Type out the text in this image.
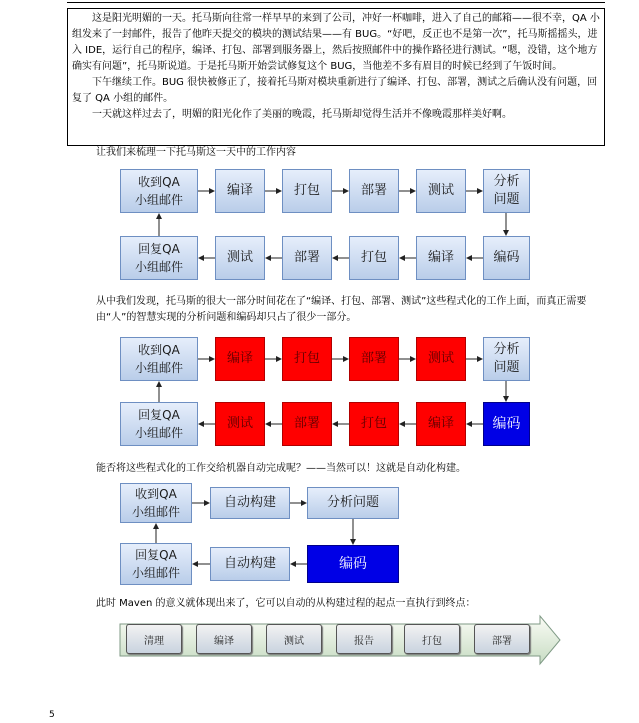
这是阳光明媚的一天。托马斯向往常一样早早的来到了公司，冲好一杯咖啡，进入了自己的邮箱——很不幸，QA 小组发来了一封邮件，报告了他昨天提交的模块的测试结果——有 BUG。“好吧，反正也不是第一次”，托马斯摇摇头，进入 IDE，运行自己的程序，编译、打包、部署到服务器上，然后按照邮件中的操作路径进行测试。“嗯，没错，这个地方确实有问题”，托马斯说道。于是托马斯开始尝试修复这个 BUG，当他差不多有眉目的时候已经到了午饭时间。

下午继续工作。BUG 很快被修正了，接着托马斯对模块重新进行了编译、打包、部署，测试之后确认没有问题，回复了 QA 小组的邮件。

一天就这样过去了，明媚的阳光化作了美丽的晚霞，托马斯却觉得生活并不像晚霞那样美好啊。

让我们来梳理一下托马斯这一天中的工作内容
收到QA
小组邮件
编译	打包	部署	测试
分析
问题
回复QA
小组邮件
测试	部署	打包	编译	编码
从中我们发现，托马斯的很大一部分时间花在了“编译、打包、部署、测试”这些程式化的工作上面，而真正需要由“人”的智慧实现的分析问题和编码却只占了很少一部分。
收到QA
小组邮件
编译	打包	部署	测试
分析
问题
回复QA
小组邮件
测试	部署	打包	编译	编码
能否将这些程式化的工作交给机器自动完成呢？——当然可以！这就是自动化构建。
收到QA
小组邮件
自动构建	分析问题
回复QA
小组邮件
自动构建	编码
此时 Maven 的意义就体现出来了，它可以自动的从构建过程的起点一直执行到终点：
清理	编译	测试	报告	打包	部署
5
